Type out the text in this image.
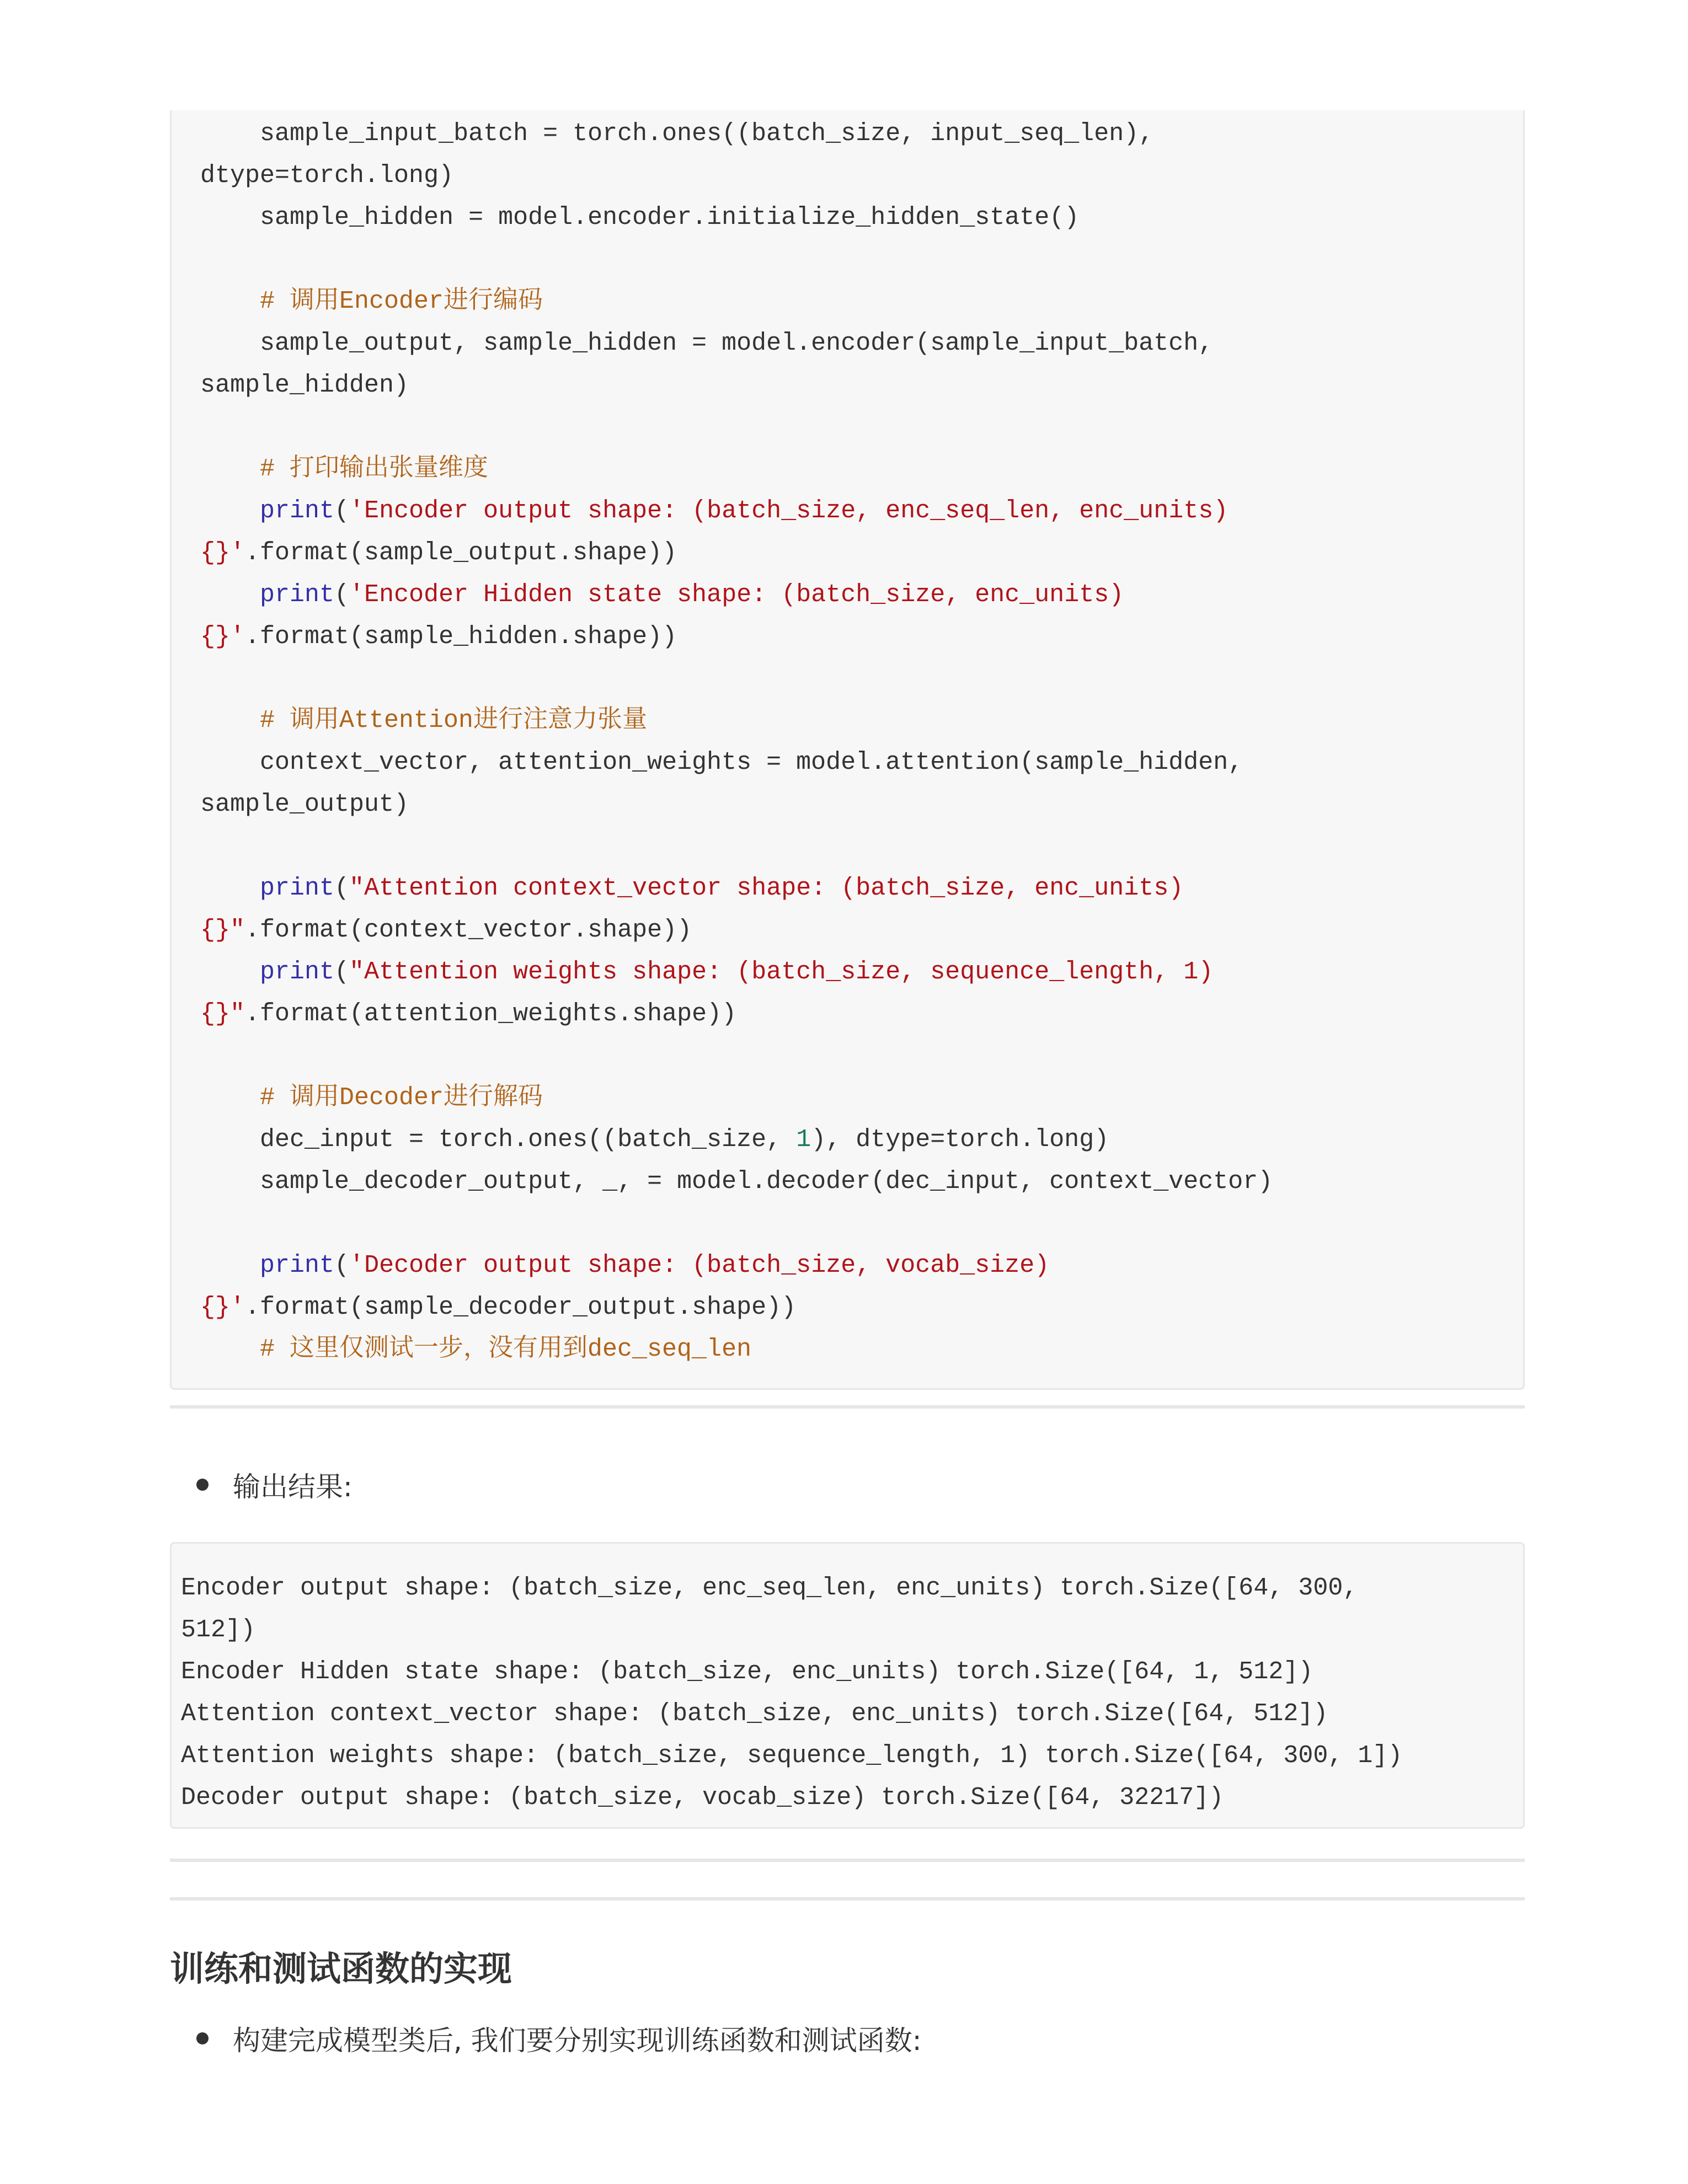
sample_input_batch = torch.ones((batch_size, input_seq_len),
dtype=torch.long)
sample_hidden = model.encoder.initialize_hidden_state()
# 调用Encoder进行编码
sample_output, sample_hidden = model.encoder(sample_input_batch,
sample_hidden)
# 打印输出张量维度
print('Encoder output shape: (batch_size, enc_seq_len, enc_units)
{}'.format(sample_output.shape))
print('Encoder Hidden state shape: (batch_size, enc_units)
{}'.format(sample_hidden.shape))
# 调用Attention进行注意力张量
context_vector, attention_weights = model.attention(sample_hidden,
sample_output)
print("Attention context_vector shape: (batch_size, enc_units)
{}".format(context_vector.shape))
print("Attention weights shape: (batch_size, sequence_length, 1)
{}".format(attention_weights.shape))
# 调用Decoder进行解码
dec_input = torch.ones((batch_size, 1), dtype=torch.long)
sample_decoder_output, _, = model.decoder(dec_input, context_vector)
print('Decoder output shape: (batch_size, vocab_size)
{}'.format(sample_decoder_output.shape))
# 这里仅测试一步，没有用到dec_seq_len
输出结果:
Encoder output shape: (batch_size, enc_seq_len, enc_units) torch.Size([64, 300,
512])
Encoder Hidden state shape: (batch_size, enc_units) torch.Size([64, 1, 512])
Attention context_vector shape: (batch_size, enc_units) torch.Size([64, 512])
Attention weights shape: (batch_size, sequence_length, 1) torch.Size([64, 300, 1])
Decoder output shape: (batch_size, vocab_size) torch.Size([64, 32217])
训练和测试函数的实现
构建完成模型类后, 我们要分别实现训练函数和测试函数:
